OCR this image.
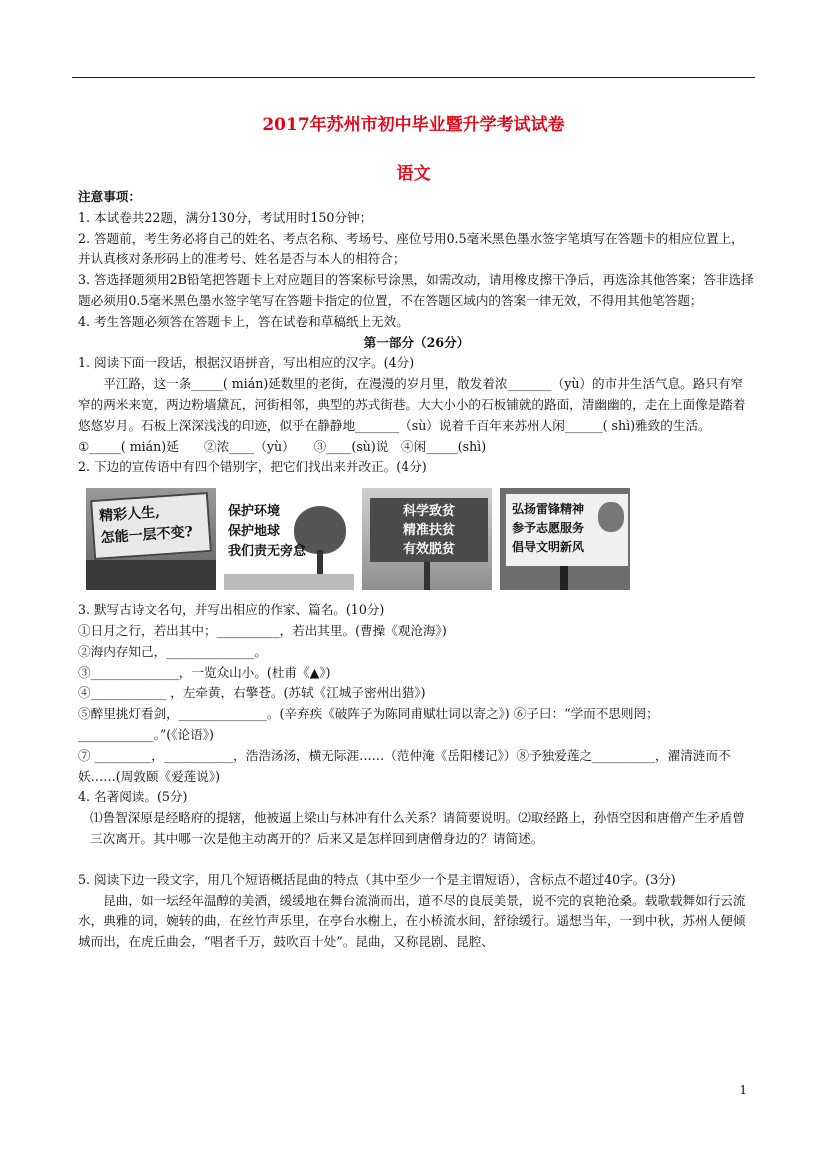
2017年苏州市初中毕业暨升学考试试卷
语文

注意事项：

1. 本试卷共22题，满分130分，考试用时150分钟；

2. 答题前，考生务必将自己的姓名、考点名称、考场号、座位号用0.5毫米黑色墨水签字笔填写在答题卡的相应位置上，并认真核对条形码上的准考号、姓名是否与本人的相符合；

3. 答选择题须用2B铅笔把答题卡上对应题目的答案标号涂黑，如需改动，请用橡皮擦干净后，再选涂其他答案；答非选择题必须用0.5毫米黑色墨水签字笔写在答题卡指定的位置，不在答题区域内的答案一律无效，不得用其他笔答题；

4. 考生答题必须答在答题卡上，答在试卷和草稿纸上无效。

第一部分（26分）

1. 阅读下面一段话，根据汉语拼音，写出相应的汉字。(4分)

平江路，这一条_____( mián)延数里的老街，在漫漫的岁月里，散发着浓_______（yù）的市井生活气息。路只有窄窄的两米来宽，两边粉墙黛瓦，河街相邻，典型的苏式街巷。大大小小的石板铺就的路面，清幽幽的，走在上面像是踏着悠悠岁月。石板上深深浅浅的印迹，似乎在静静地_______（sù）说着千百年来苏州人闲______( shì)雅致的生活。

①_____( mián)延　　②浓____（yù）　　③____(sù)说　④闲_____(shì)

2. 下边的宣传语中有四个错别字，把它们找出来并改正。(4分)

精彩人生,
怎能一层不变?
保护环境
保护地球
我们责无旁怠
科学致贫
精准扶贫
有效脱贫
弘扬雷锋精神
参予志愿服务
倡导文明新风

3. 默写古诗文名句，并写出相应的作家、篇名。(10分)

①日月之行，若出其中；__________，若出其里。(曹操《观沧海》)

②海内存知己，______________。

③______________，一览众山小。(杜甫《▲》)

④____________ ，左牵黄，右擎苍。(苏轼《江城子密州出猎》)

⑤醉里挑灯看剑，______________。(辛弃疾《破阵子为陈同甫赋壮词以寄之》) ⑥子曰：“学而不思则罔；____________。”(《论语》)

⑦ _________，___________，浩浩汤汤，横无际涯……（范仲淹《岳阳楼记》）⑧予独爱莲之__________，濯清涟而不妖……(周敦颐《爱莲说》)

4. 名著阅读。(5分)

⑴鲁智深原是经略府的提辖，他被逼上梁山与林冲有什么关系？请简要说明。⑵取经路上，孙悟空因和唐僧产生矛盾曾三次离开。其中哪一次是他主动离开的？后来又是怎样回到唐僧身边的？请简述。

5. 阅读下边一段文字，用几个短语概括昆曲的特点（其中至少一个是主谓短语），含标点不超过40字。(3分)

昆曲，如一坛经年温醇的美酒，缓缓地在舞台流淌而出，道不尽的良辰美景，说不完的哀艳沧桑。载歌载舞如行云流水，典雅的词，婉转的曲，在丝竹声乐里，在亭台水榭上，在小桥流水间，舒徐缓行。遥想当年，一到中秋，苏州人便倾城而出，在虎丘曲会，“唱者千万，鼓吹百十处”。昆曲，又称昆剧、昆腔、

1
